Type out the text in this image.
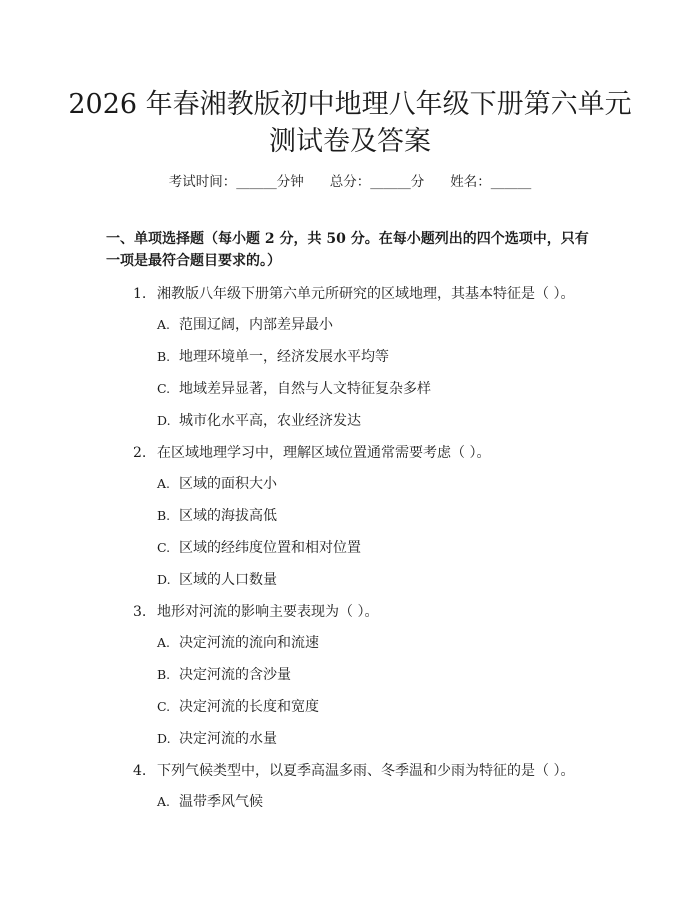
2026 年春湘教版初中地理八年级下册第六单元测试卷及答案
考试时间：______分钟 总分：______分 姓名：______

一、单项选择题（每小题 2 分，共 50 分。在每小题列出的四个选项中，只有一项是最符合题目要求的。）

1. 湘教版八年级下册第六单元所研究的区域地理，其基本特征是（ ）。
A. 范围辽阔，内部差异最小
B. 地理环境单一，经济发展水平均等
C. 地域差异显著，自然与人文特征复杂多样
D. 城市化水平高，农业经济发达
2. 在区域地理学习中，理解区域位置通常需要考虑（ ）。
A. 区域的面积大小
B. 区域的海拔高低
C. 区域的经纬度位置和相对位置
D. 区域的人口数量
3. 地形对河流的影响主要表现为（ ）。
A. 决定河流的流向和流速
B. 决定河流的含沙量
C. 决定河流的长度和宽度
D. 决定河流的水量
4. 下列气候类型中，以夏季高温多雨、冬季温和少雨为特征的是（ ）。
A. 温带季风气候
